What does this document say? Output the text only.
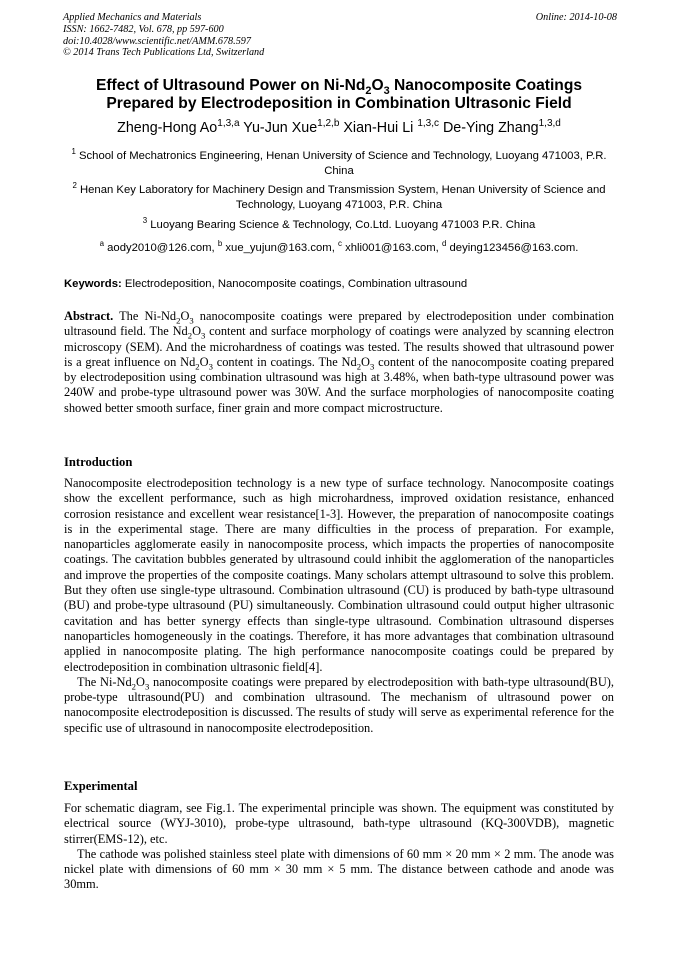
Applied Mechanics and Materials
ISSN: 1662-7482, Vol. 678, pp 597-600
doi:10.4028/www.scientific.net/AMM.678.597
© 2014 Trans Tech Publications Ltd, Switzerland
Online: 2014-10-08
Effect of Ultrasound Power on $Ni-Nd_2O_3$ Nanocomposite Coatings
Prepared by Electrodeposition in Combination Ultrasonic Field
Zheng-Hong Ao$^{1,3,a}$ Yu-Jun Xue$^{1,2,b}$ Xian-Hui Li $^{1,3,c}$ De-Ying Zhang$^{1,3,d}$
$^1$ School of Mechatronics Engineering, Henan University of Science and Technology, Luoyang 471003, P.R. China
$^2$ Henan Key Laboratory for Machinery Design and Transmission System, Henan University of Science and Technology, Luoyang 471003, P.R. China
$^3$ Luoyang Bearing Science & Technology, Co.Ltd. Luoyang 471003 P.R. China
$^a$ aody2010@126.com, $^b$ xue_yujun@163.com, $^c$ xhli001@163.com, $^d$ deying123456@163.com.
Keywords: Electrodeposition, Nanocomposite coatings, Combination ultrasound
Abstract. The $Ni-Nd_2O_3$ nanocomposite coatings were prepared by electrodeposition under combination ultrasound field. The $Nd_2O_3$ content and surface morphology of coatings were analyzed by scanning electron microscopy (SEM). And the microhardness of coatings was tested. The results showed that ultrasound power is a great influence on $Nd_2O_3$ content in coatings. The $Nd_2O_3$ content of the nanocomposite coating prepared by electrodeposition using combination ultrasound was high at 3.48%, when bath-type ultrasound power was 240W and probe-type ultrasound power was 30W. And the surface morphologies of nanocomposite coating showed better smooth surface, finer grain and more compact microstructure.
Introduction
Nanocomposite electrodeposition technology is a new type of surface technology. Nanocomposite coatings show the excellent performance, such as high microhardness, improved oxidation resistance, enhanced corrosion resistance and excellent wear resistance[1-3]. However, the preparation of nanocomposite coatings is in the experimental stage. There are many difficulties in the process of preparation. For example, nanoparticles agglomerate easily in nanocomposite process, which impacts the properties of nanocomposite coatings. The cavitation bubbles generated by ultrasound could inhibit the agglomeration of the nanoparticles and improve the properties of the composite coatings. Many scholars attempt ultrasound to solve this problem. But they often use single-type ultrasound. Combination ultrasound (CU) is produced by bath-type ultrasound (BU) and probe-type ultrasound (PU) simultaneously. Combination ultrasound could output higher ultrasonic cavitation and has better synergy effects than single-type ultrasound. Combination ultrasound disperses nanoparticles homogeneously in the coatings. Therefore, it has more advantages that combination ultrasound applied in nanocomposite plating. The high performance nanocomposite coatings could be prepared by electrodeposition in combination ultrasonic field[4].
The $Ni-Nd_2O_3$ nanocomposite coatings were prepared by electrodeposition with bath-type ultrasound(BU), probe-type ultrasound(PU) and combination ultrasound. The mechanism of ultrasound power on nanocomposite electrodeposition is discussed. The results of study will serve as experimental reference for the specific use of ultrasound in nanocomposite electrodeposition.
Experimental
For schematic diagram, see Fig.1. The experimental principle was shown. The equipment was constituted by electrical source (WYJ-3010), probe-type ultrasound, bath-type ultrasound (KQ-300VDB), magnetic stirrer(EMS-12), etc.
The cathode was polished stainless steel plate with dimensions of 60 mm × 20 mm × 2 mm. The anode was nickel plate with dimensions of 60 mm × 30 mm × 5 mm. The distance between cathode and anode was 30mm.
